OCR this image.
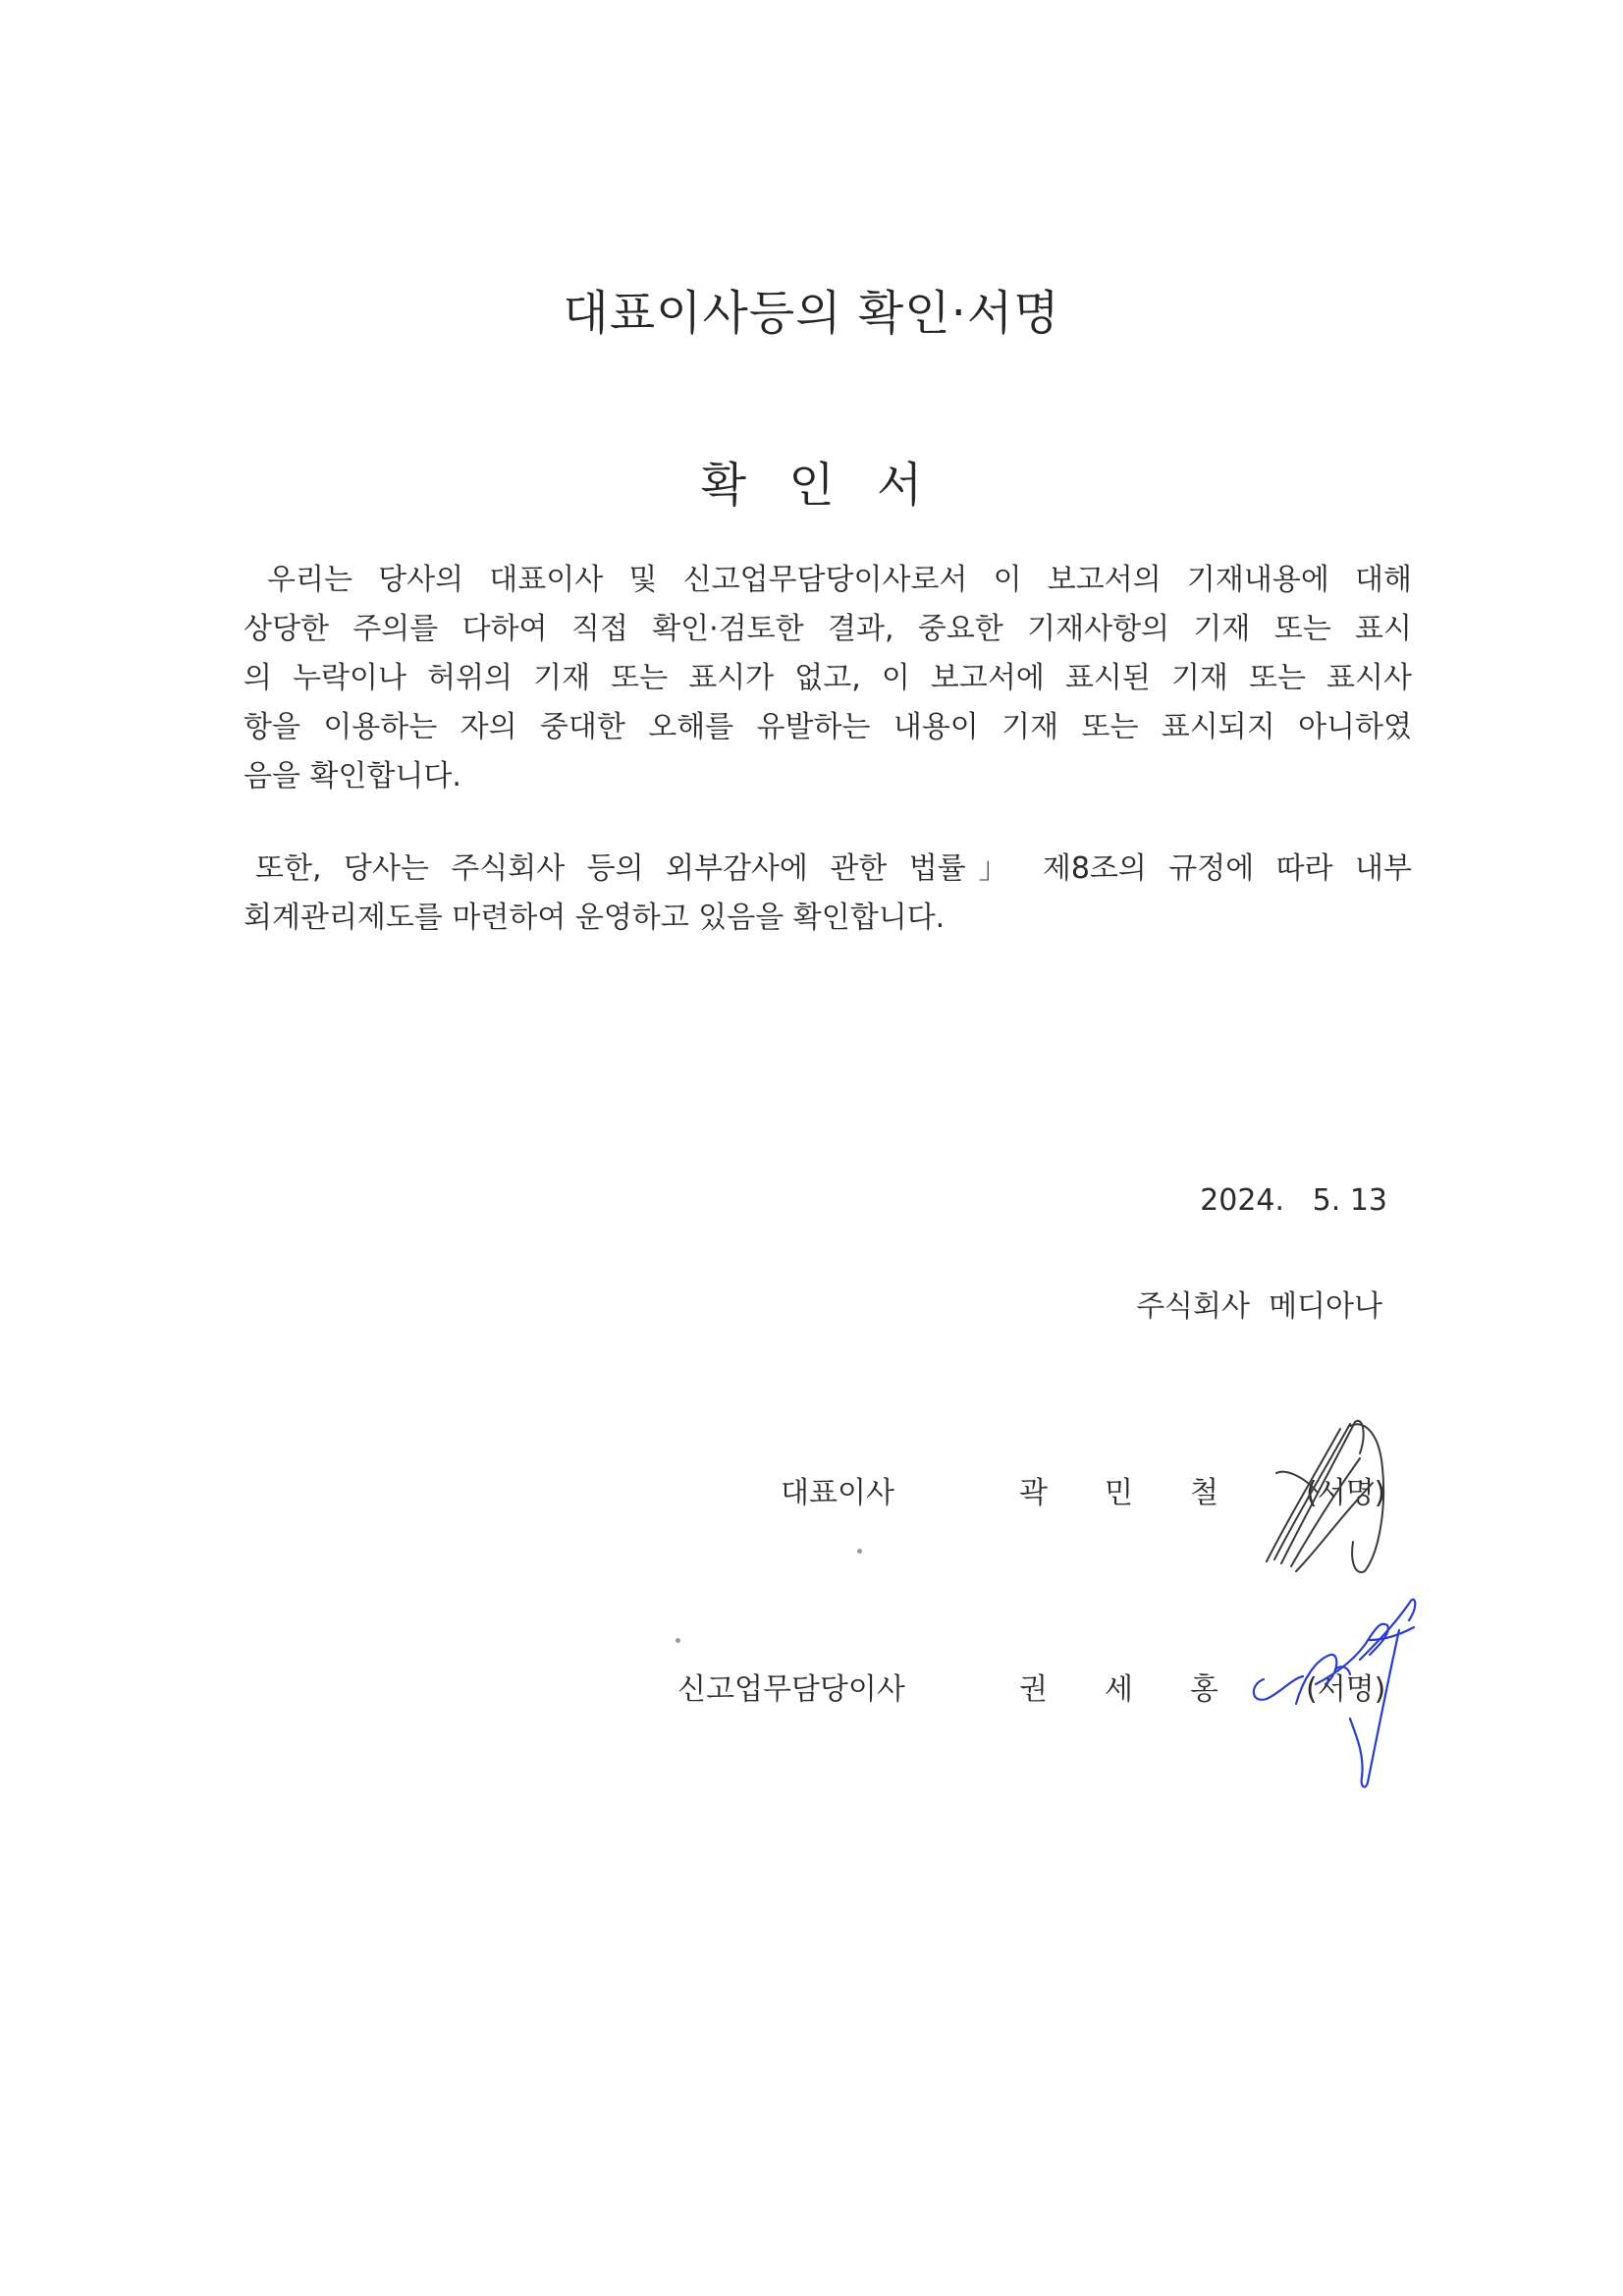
대표이사등의 확인·서명
확 인 서
우리는 당사의 대표이사 및 신고업무담당이사로서 이 보고서의 기재내용에 대해
상당한 주의를 다하여 직접 확인·검토한 결과, 중요한 기재사항의 기재 또는 표시
의 누락이나 허위의 기재 또는 표시가 없고, 이 보고서에 표시된 기재 또는 표시사
항을 이용하는 자의 중대한 오해를 유발하는 내용이 기재 또는 표시되지 아니하였
음을 확인합니다.
또한, 당사는 주식회사 등의 외부감사에 관한 법률」 제8조의 규정에 따라 내부
회계관리제도를 마련하여 운영하고 있음을 확인합니다.
2024.   5. 13
주식회사  메디아나
대표이사	곽민철 (서명)
신고업무담당이사	권세홍 (서명)
